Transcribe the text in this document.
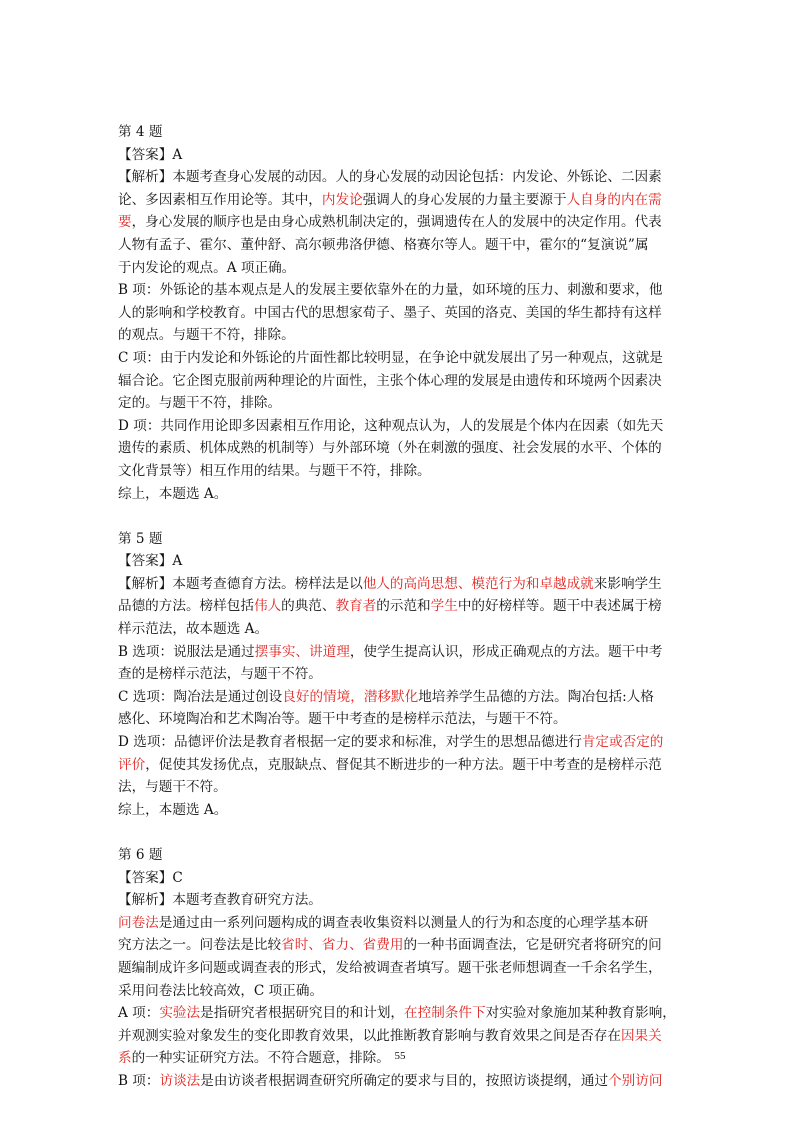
第 4 题
【答案】A
【解析】本题考查身心发展的动因。人的身心发展的动因论包括：内发论、外铄论、二因素
论、多因素相互作用论等。其中，内发论强调人的身心发展的力量主要源于人自身的内在需
要，身心发展的顺序也是由身心成熟机制决定的，强调遗传在人的发展中的决定作用。代表
人物有孟子、霍尔、董仲舒、高尔顿弗洛伊德、格赛尔等人。题干中，霍尔的“复演说”属
于内发论的观点。A 项正确。
B 项：外铄论的基本观点是人的发展主要依靠外在的力量，如环境的压力、刺激和要求，他
人的影响和学校教育。中国古代的思想家荀子、墨子、英国的洛克、美国的华生都持有这样
的观点。与题干不符，排除。
C 项：由于内发论和外铄论的片面性都比较明显，在争论中就发展出了另一种观点，这就是
辐合论。它企图克服前两种理论的片面性，主张个体心理的发展是由遗传和环境两个因素决
定的。与题干不符，排除。
D 项：共同作用论即多因素相互作用论，这种观点认为，人的发展是个体内在因素（如先天
遗传的素质、机体成熟的机制等）与外部环境（外在刺激的强度、社会发展的水平、个体的
文化背景等）相互作用的结果。与题干不符，排除。
综上，本题选 A。
第 5 题
【答案】A
【解析】本题考查德育方法。榜样法是以他人的高尚思想、模范行为和卓越成就来影响学生
品德的方法。榜样包括伟人的典范、教育者的示范和学生中的好榜样等。题干中表述属于榜
样示范法，故本题选 A。
B 选项：说服法是通过摆事实、讲道理，使学生提高认识，形成正确观点的方法。题干中考
查的是榜样示范法，与题干不符。
C 选项：陶冶法是通过创设良好的情境，潜移默化地培养学生品德的方法。陶冶包括:人格
感化、环境陶冶和艺术陶冶等。题干中考查的是榜样示范法，与题干不符。
D 选项：品德评价法是教育者根据一定的要求和标准，对学生的思想品德进行肯定或否定的
评价，促使其发扬优点，克服缺点、督促其不断进步的一种方法。题干中考查的是榜样示范
法，与题干不符。
综上，本题选 A。
第 6 题
【答案】C
【解析】本题考查教育研究方法。
问卷法是通过由一系列问题构成的调查表收集资料以测量人的行为和态度的心理学基本研
究方法之一。问卷法是比较省时、省力、省费用的一种书面调查法，它是研究者将研究的问
题编制成许多问题或调查表的形式，发给被调查者填写。题干张老师想调查一千余名学生，
采用问卷法比较高效，C 项正确。
A 项：实验法是指研究者根据研究目的和计划，在控制条件下对实验对象施加某种教育影响，
并观测实验对象发生的变化即教育效果，以此推断教育影响与教育效果之间是否存在因果关
系的一种实证研究方法。不符合题意，排除。
B 项：访谈法是由访谈者根据调查研究所确定的要求与目的，按照访谈提纲，通过个别访问
55
